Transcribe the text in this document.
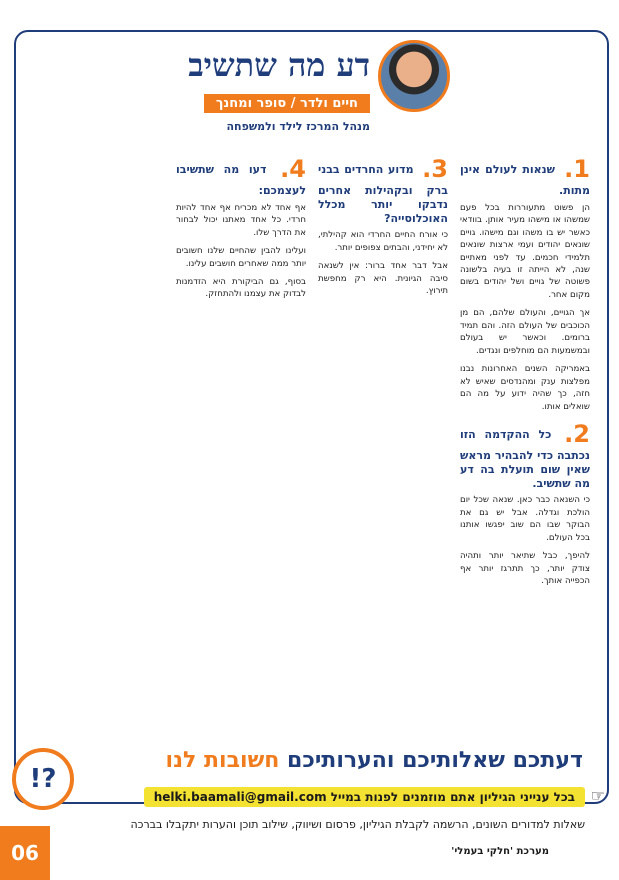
דע מה שתשיב
חיים ולדר / סופר ומחנך
מנהל המרכז לילד ולמשפחה
1. שנאות לעולם אינן מתות.

הן פשוט מתעוררות בכל פעם שמשהו או מישהו מעיר אותן. בוודאי כאשר יש בו משהו וגם מישהו. גויים שונאים יהודים ועמי ארצות שונאים תלמידי חכמים. עד לפני מאתיים שנה, לא הייתה זו בעיה בלשונה פשוטה של גויים ושל יהודים בשום מקום אחר.

אך הגויים, והעולם שלהם, הם מן הכוכבים של העולם הזה. והם תמיד ברומים. וכאשר יש בעולם ובמשמעות הם מוחלפים ונגדים.

באמריקה השנים האחרונות נבנו מפלצות ענק ומהנדסים שאיש לא חזה, כך שהיה ידוע על מה הם שואלים אותו.

2. כל ההקדמה הזו נכתבה כדי להבהיר מראש שאין שום תועלת בה דע מה שתשיב.

כי השנאה כבר כאן. שנאה שכל יום הולכת וגדלה. אבל יש גם את הבוקר שבו הם שוב יפגשו אותנו בכל העולם.

להיפך, כבל שתיאר יותר ותהיה צודק יותר, כך תתרגז יותר אף הכפייה אותך.

3. מדוע החרדים בבני ברק ובקהילות אחרים נדבקו יותר מכלל האוכלוסייה?

כי אורח החיים החרדי הוא קהילתי, לא יחידני, והבתים צפופים יותר.

אבל דבר אחד ברור: אין לשנאה סיבה הגיונית. היא רק מחפשת תירוץ.

4. דעו מה שתשיבו לעצמכם:

אף אחד לא מכריח אף אחד להיות חרדי. כל אחד מאתנו יכול לבחור את הדרך שלו.

ועלינו להבין שהחיים שלנו חשובים יותר ממה שאחרים חושבים עלינו.

בסוף, גם הביקורת היא הזדמנות לבדוק את עצמנו ולהתחזק.

?!
דעתכם שאלותיכם והערותיכם חשובות לנו
☞
בכל ענייני הגיליון אתם מוזמנים לפנות במייל helki.baamali@gmail.com
שאלות למדורים השונים, הרשמה לקבלת הגיליון, פרסום ושיווק, שילוב תוכן והערות יתקבלו בברכה
מערכת 'חלקי בעמלי'
06
